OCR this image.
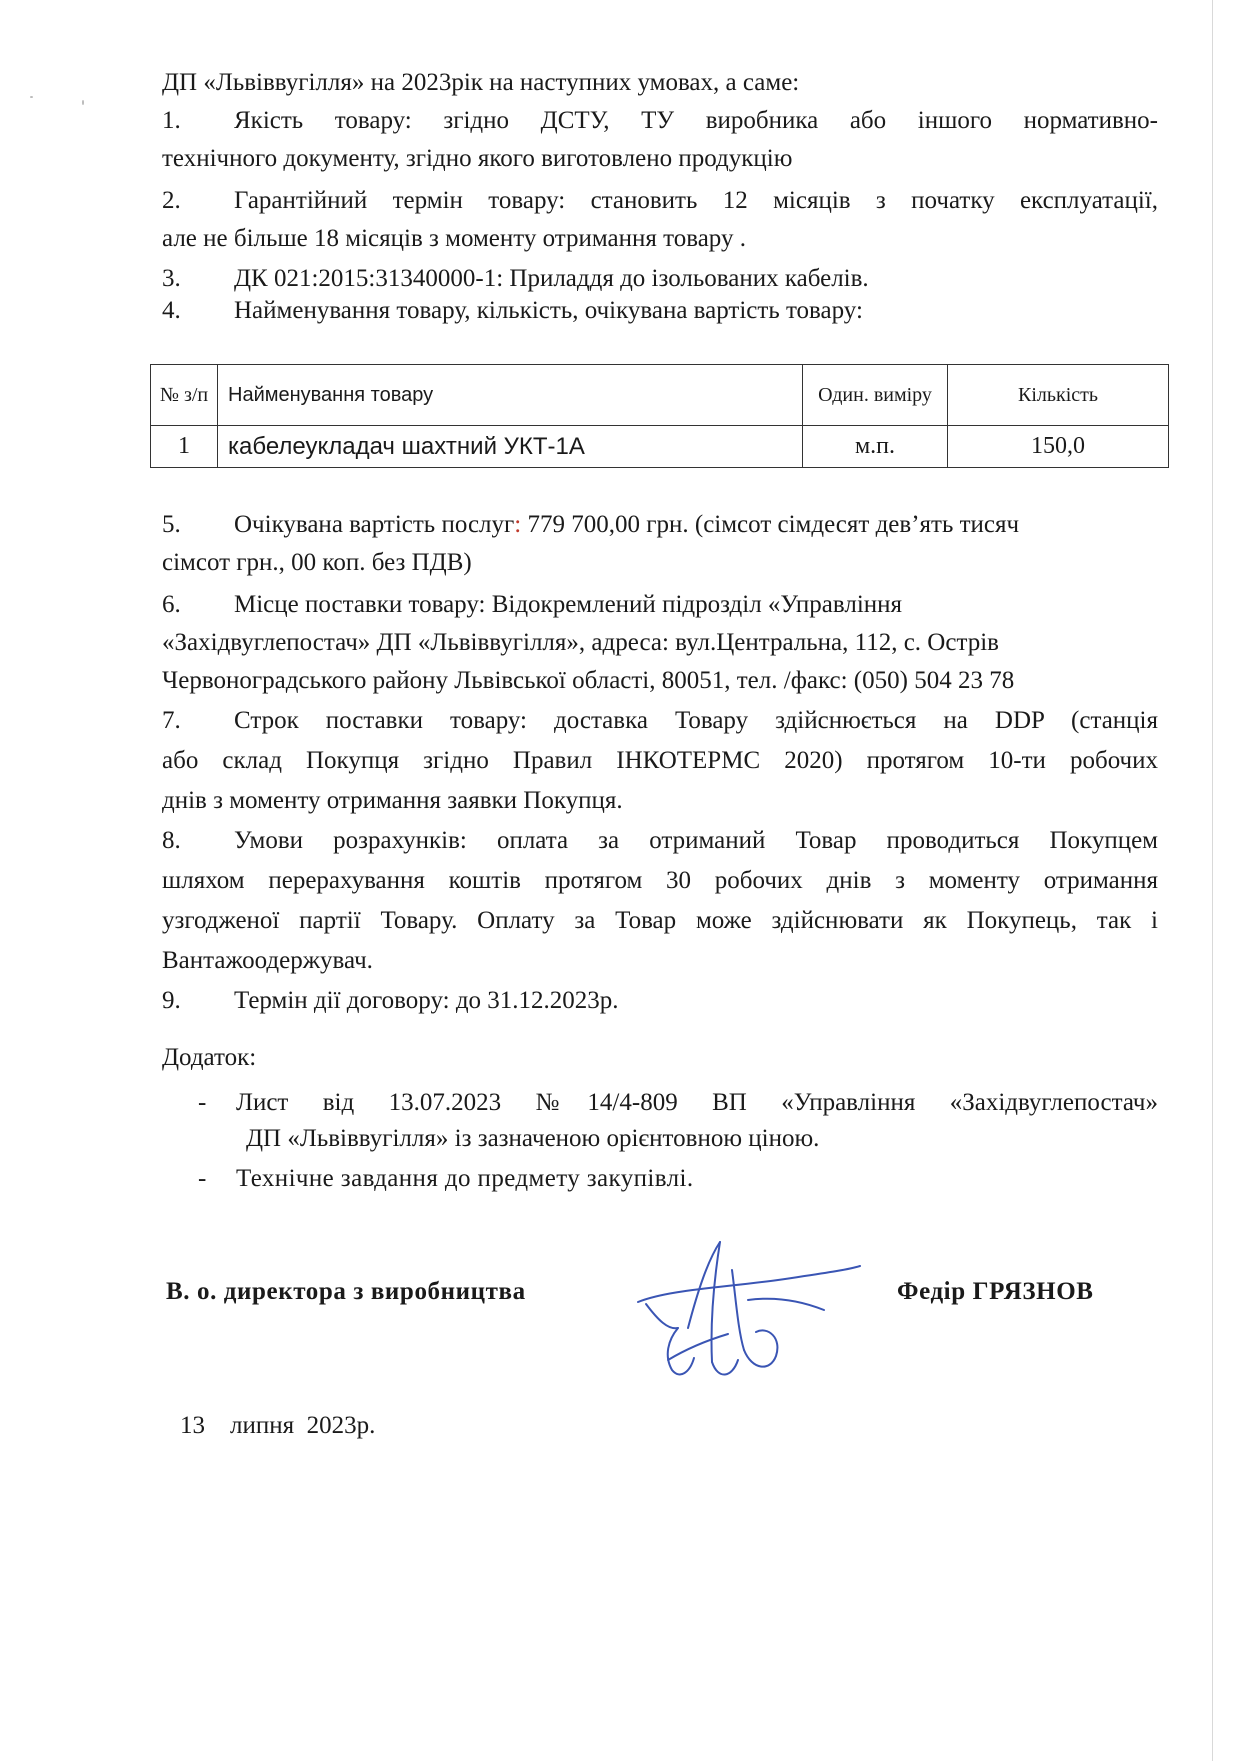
ДП «Львіввугілля» на 2023рік на наступних умовах, а саме:
1. Якість товару: згідно ДСТУ, ТУ виробника або іншого нормативно-
технічного документу, згідно якого виготовлено продукцію
2. Гарантійний термін товару: становить 12 місяців з початку експлуатації,
але не більше 18 місяців з моменту отримання товару .
3. ДК 021:2015:31340000-1: Приладдя до ізольованих кабелів.
4. Найменування товару, кількість, очікувана вартість товару:
№ з/п	Найменування товару	Один. виміру	Кількість
1	кабелеукладач шахтний УКТ-1А	м.п.	150,0
5. Очікувана вартість послуг: 779 700,00 грн. (сімсот сімдесят дев’ять тисяч
сімсот грн., 00 коп. без ПДВ)
6. Місце поставки товару: Відокремлений підрозділ «Управління
«Західвуглепостач» ДП «Львіввугілля», адреса: вул.Центральна, 112, с. Острів
Червоноградського району Львівської області, 80051, тел. /факс: (050) 504 23 78
7. Строк поставки товару: доставка Товару здійснюється на DDP (станція
або склад Покупця згідно Правил ІНКОТЕРМС 2020) протягом 10-ти робочих
днів з моменту отримання заявки Покупця.
8. Умови розрахунків: оплата за отриманий Товар проводиться Покупцем
шляхом перерахування коштів протягом 30 робочих днів з моменту отримання
узгодженої партії Товару. Оплату за Товар може здійснювати як Покупець, так і
Вантажоодержувач.
9. Термін дії договору: до 31.12.2023р.
Додаток:
- Лист від 13.07.2023 №14/4-809 ВП «Управління «Західвуглепостач»
ДП «Львіввугілля» із зазначеною орієнтовною ціною.
- Технічне завдання до предмету закупівлі.
В. о. директора з виробництва	Федір ГРЯЗНОВ
13 липня  2023р.
